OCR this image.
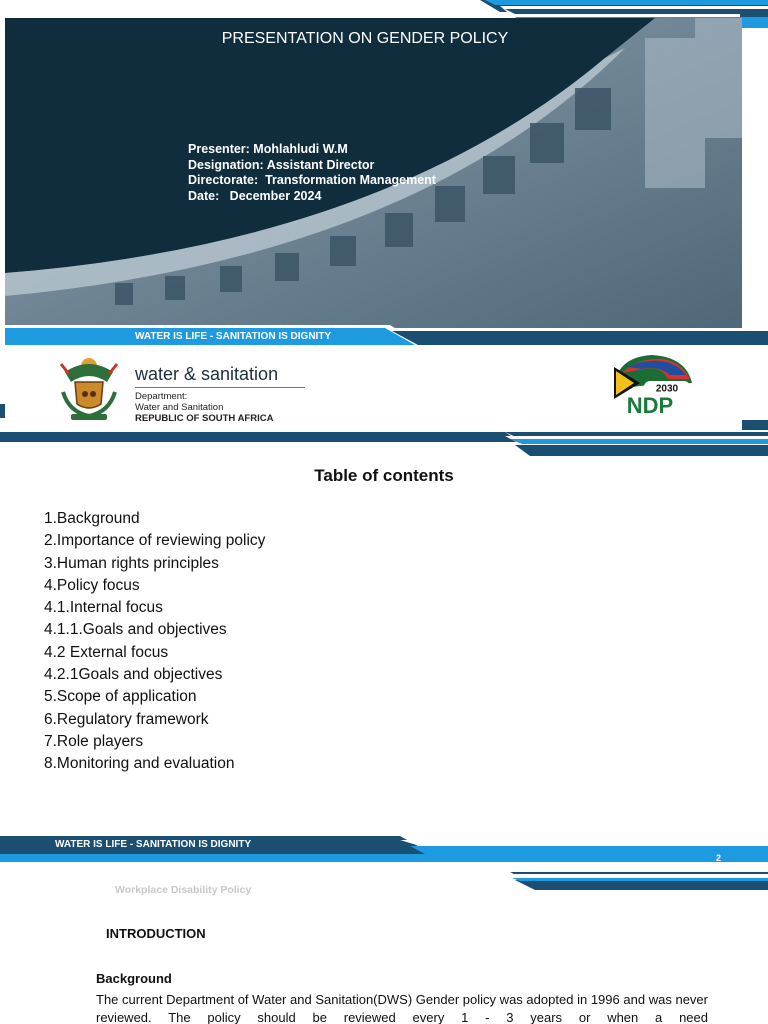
PRESENTATION ON GENDER POLICY
Presenter: Mohlahludi W.M
Designation: Assistant Director
Directorate:  Transformation Management
Date:   December 2024
WATER IS LIFE - SANITATION IS DIGNITY
water & sanitation
Department:
Water and Sanitation
REPUBLIC OF SOUTH AFRICA
2030
NDP
Table of contents
1.Background
2.Importance of reviewing policy
3.Human rights principles
4.Policy focus
4.1.Internal focus
4.1.1.Goals and objectives
4.2 External focus
4.2.1Goals and objectives
5.Scope of application
6.Regulatory framework
7.Role players
8.Monitoring and evaluation
WATER IS LIFE - SANITATION IS DIGNITY
2
Workplace Disability Policy
INTRODUCTION
Background
The current Department of Water and Sanitation(DWS) Gender policy was adopted in 1996 and was never reviewed. The policy should be reviewed every 1 - 3 years or when a need
